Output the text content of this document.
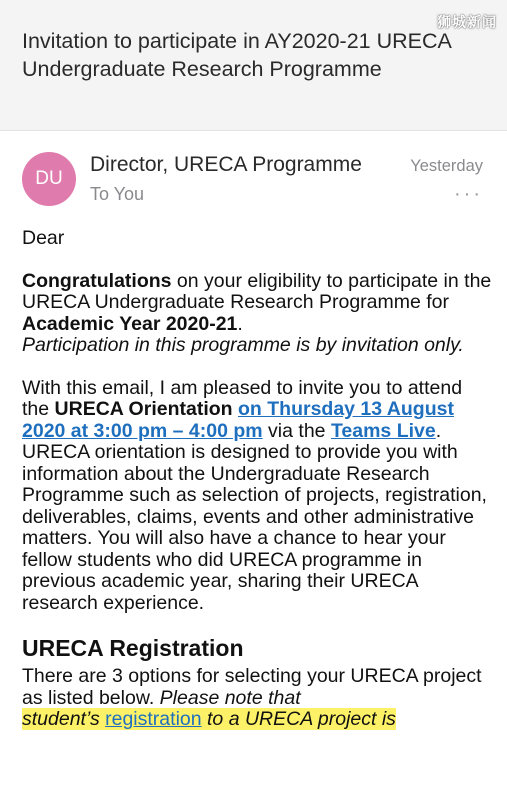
Invitation to participate in AY2020-21 URECA Undergraduate Research Programme
狮城新闻
DU
Director, URECA Programme
To You
Yesterday
···

Dear

Congratulations on your eligibility to participate in the URECA Undergraduate Research Programme for Academic Year 2020-21.
Participation in this programme is by invitation only.

With this email, I am pleased to invite you to attend the URECA Orientation on Thursday 13 August 2020 at 3:00 pm – 4:00 pm via the Teams Live.
URECA orientation is designed to provide you with information about the Undergraduate Research Programme such as selection of projects, registration, deliverables, claims, events and other administrative matters. You will also have a chance to hear your fellow students who did URECA programme in previous academic year, sharing their URECA research experience.

URECA Registration
There are 3 options for selecting your URECA project as listed below. Please note that
student’s registration to a URECA project is
